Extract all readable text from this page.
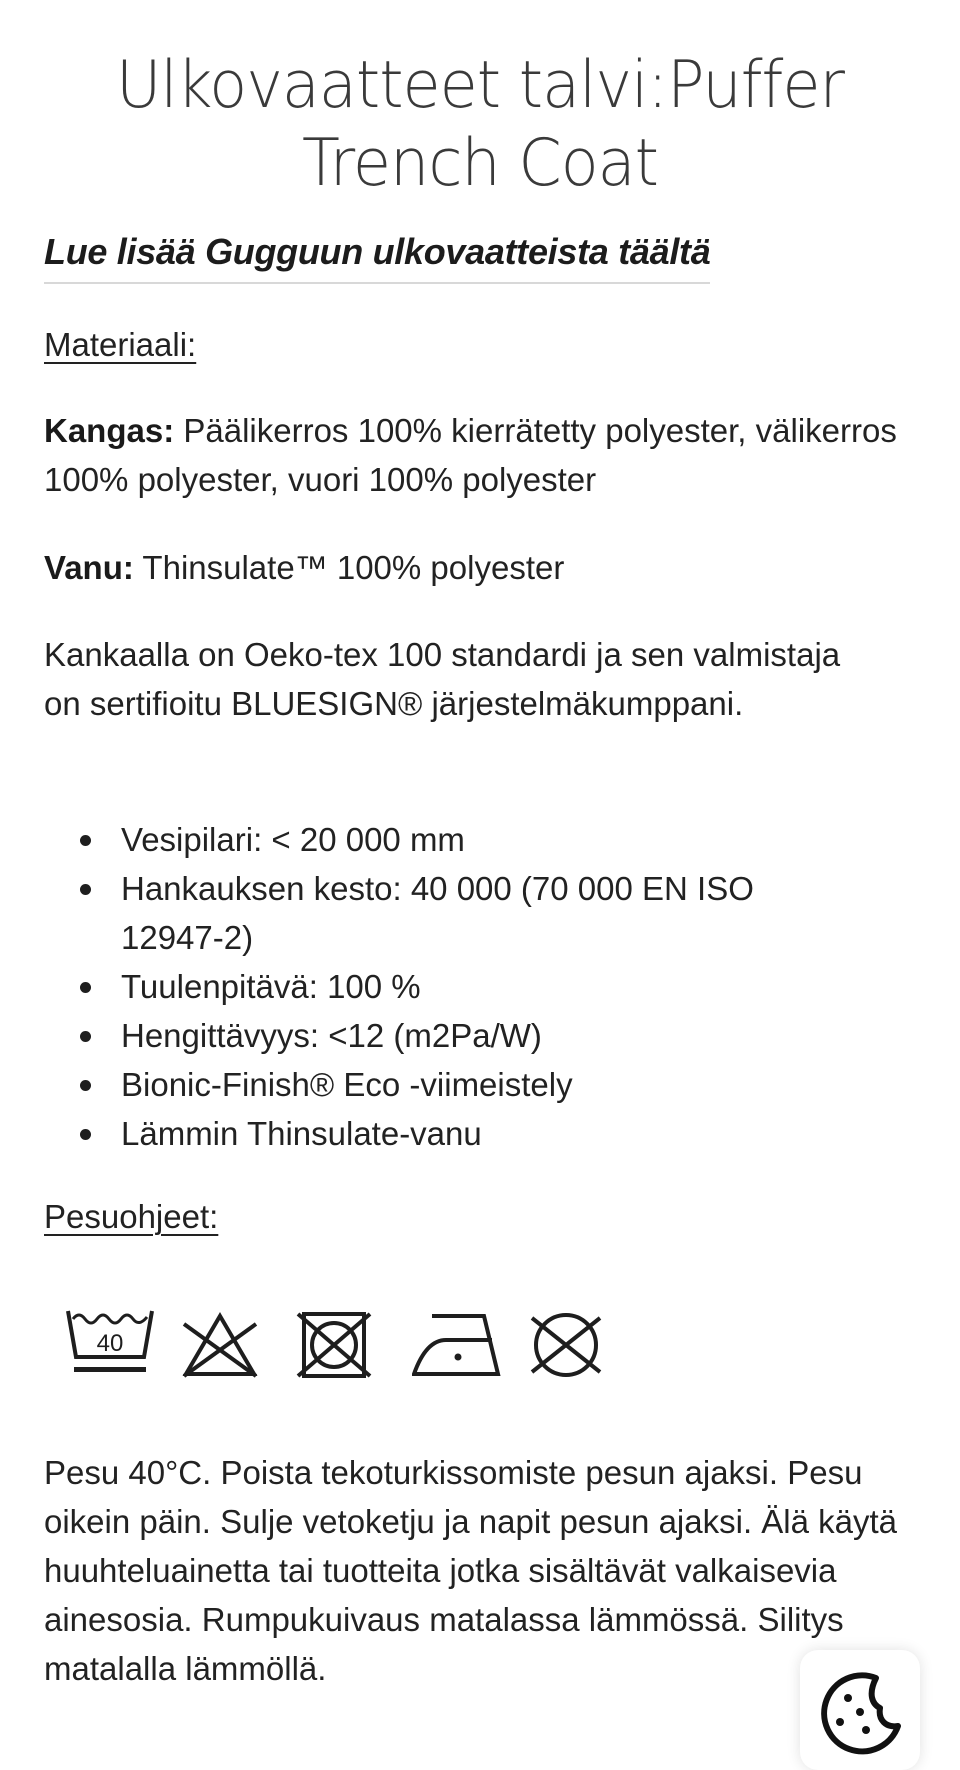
Ulkovaatteet talvi:Puffer
Trench Coat
Lue lisää Gugguun ulkovaatteista täältä
Materiaali:

Kangas: Päälikerros 100% kierrätetty polyester, välikerros 100% polyester, vuori 100% polyester

Vanu: Thinsulate™ 100% polyester

Kankaalla on Oeko-tex 100 standardi ja sen valmistaja on sertifioitu BLUESIGN® järjestelmäkumppani.

Vesipilari: < 20 000 mm
Hankauksen kesto: 40 000 (70 000 EN ISO 12947-2)
Tuulenpitävä: 100 %
Hengittävyys: <12 (m2Pa/W)
Bionic-Finish® Eco -viimeistely
Lämmin Thinsulate-vanu
Pesuohjeet:
40

Pesu 40°C. Poista tekoturkissomiste pesun ajaksi. Pesu oikein päin. Sulje vetoketju ja napit pesun ajaksi. Älä käytä huuhteluainetta tai tuotteita jotka sisältävät valkaisevia ainesosia. Rumpukuivaus matalassa lämmössä. Silitys matalalla lämmöllä.
